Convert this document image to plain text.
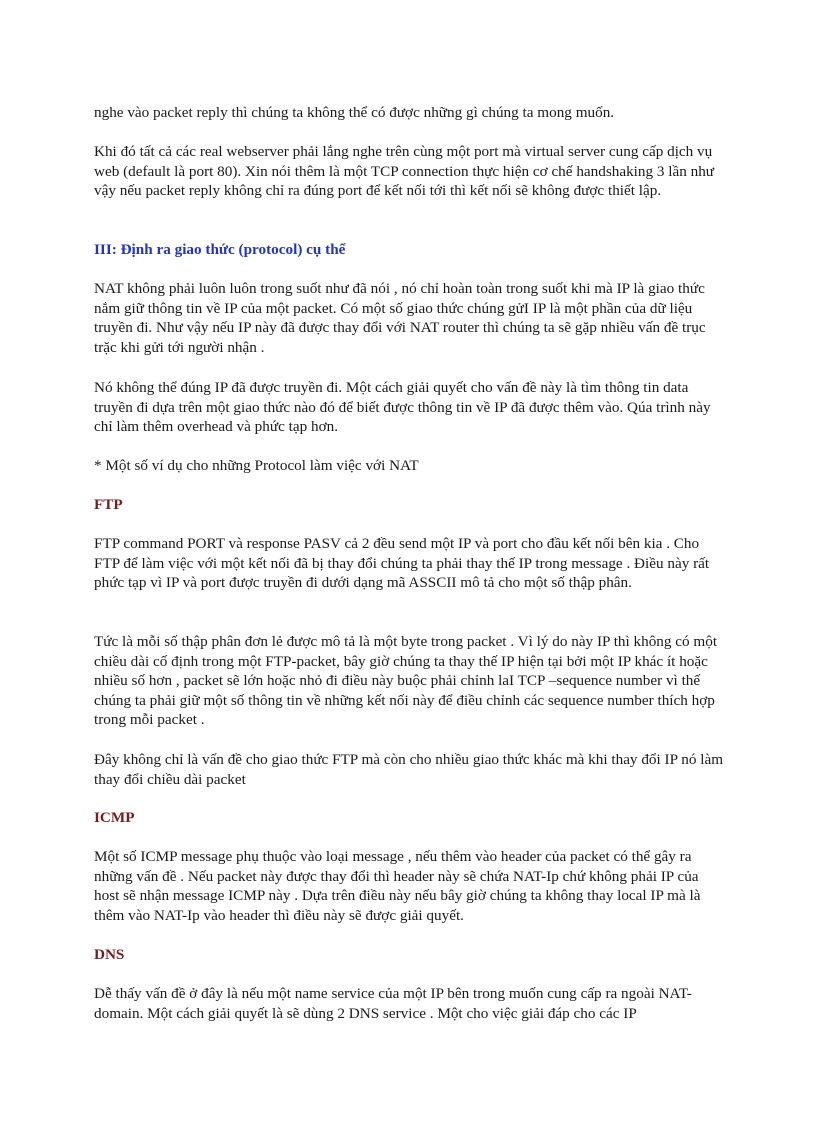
nghe vào packet reply thì chúng ta không thể có được những gì chúng ta mong muốn.

Khi đó tất cả các real webserver phải lắng nghe trên cùng một port mà virtual server cung cấp dịch vụ web (default là port 80). Xin nói thêm là một TCP connection thực hiện cơ chế handshaking 3 lần như vậy nếu packet reply không chỉ ra đúng port để kết nối tới thì kết nối sẽ không được thiết lập.

III: Định ra giao thức (protocol) cụ thể

NAT không phải luôn luôn trong suốt như đã nói , nó chỉ hoàn toàn trong suốt khi mà IP là giao thức nắm giữ thông tin về IP của một packet. Có một số giao thức chúng gửI IP là một phần của dữ liệu truyền đi. Như vậy nếu IP này đã được thay đổi với NAT router thì chúng ta sẽ gặp nhiều vấn đề trục trặc khi gửi tới người nhận .

Nó không thể đúng IP đã được truyền đi. Một cách giải quyết cho vấn đề này là tìm thông tin data truyền đi dựa trên một giao thức nào đó để biết được thông tin về IP đã được thêm vào. Qúa trình này chỉ làm thêm overhead và phức tạp hơn.

* Một số ví dụ cho những Protocol làm việc với NAT

FTP

FTP command PORT và response PASV cả 2 đều send một IP và port cho đầu kết nối bên kia . Cho FTP để làm việc với một kết nối đã bị thay đổi chúng ta phải thay thế IP trong message . Điều này rất phức tạp vì IP và port được truyền đi dưới dạng mã ASSCII mô tả cho một số thập phân.

Tức là mỗi số thập phân đơn lẻ được mô tả là một byte trong packet . Vì lý do này IP thì không có một chiều dài cố định trong một FTP-packet, bây giờ chúng ta thay thế IP hiện tại bởi một IP khác ít hoặc nhiều số hơn , packet sẽ lớn hoặc nhỏ đi điều này buộc phải chỉnh laI TCP –sequence number vì thế chúng ta phải giữ một số thông tin về những kết nối này để điều chỉnh các sequence number thích hợp trong mỗi packet .

Đây không chỉ là vấn đề cho giao thức FTP mà còn cho nhiều giao thức khác mà khi thay đổi IP nó làm thay đổi chiều dài packet

ICMP

Một số ICMP message phụ thuộc vào loại message , nếu thêm vào header của packet có thể gây ra những vấn đề . Nếu packet này được thay đổi thì header này sẽ chứa NAT-Ip chứ không phải IP của host sẽ nhận message ICMP này . Dựa trên điều này nếu bây giờ chúng ta không thay local IP mà là thêm vào NAT-Ip vào header thì điều này sẽ được giải quyết.

DNS

Dễ thấy vấn đề ở đây là nếu một name service của một IP bên trong muốn cung cấp ra ngoài NAT-domain. Một cách giải quyết là sẽ dùng 2 DNS service . Một cho việc giải đáp cho các IP
